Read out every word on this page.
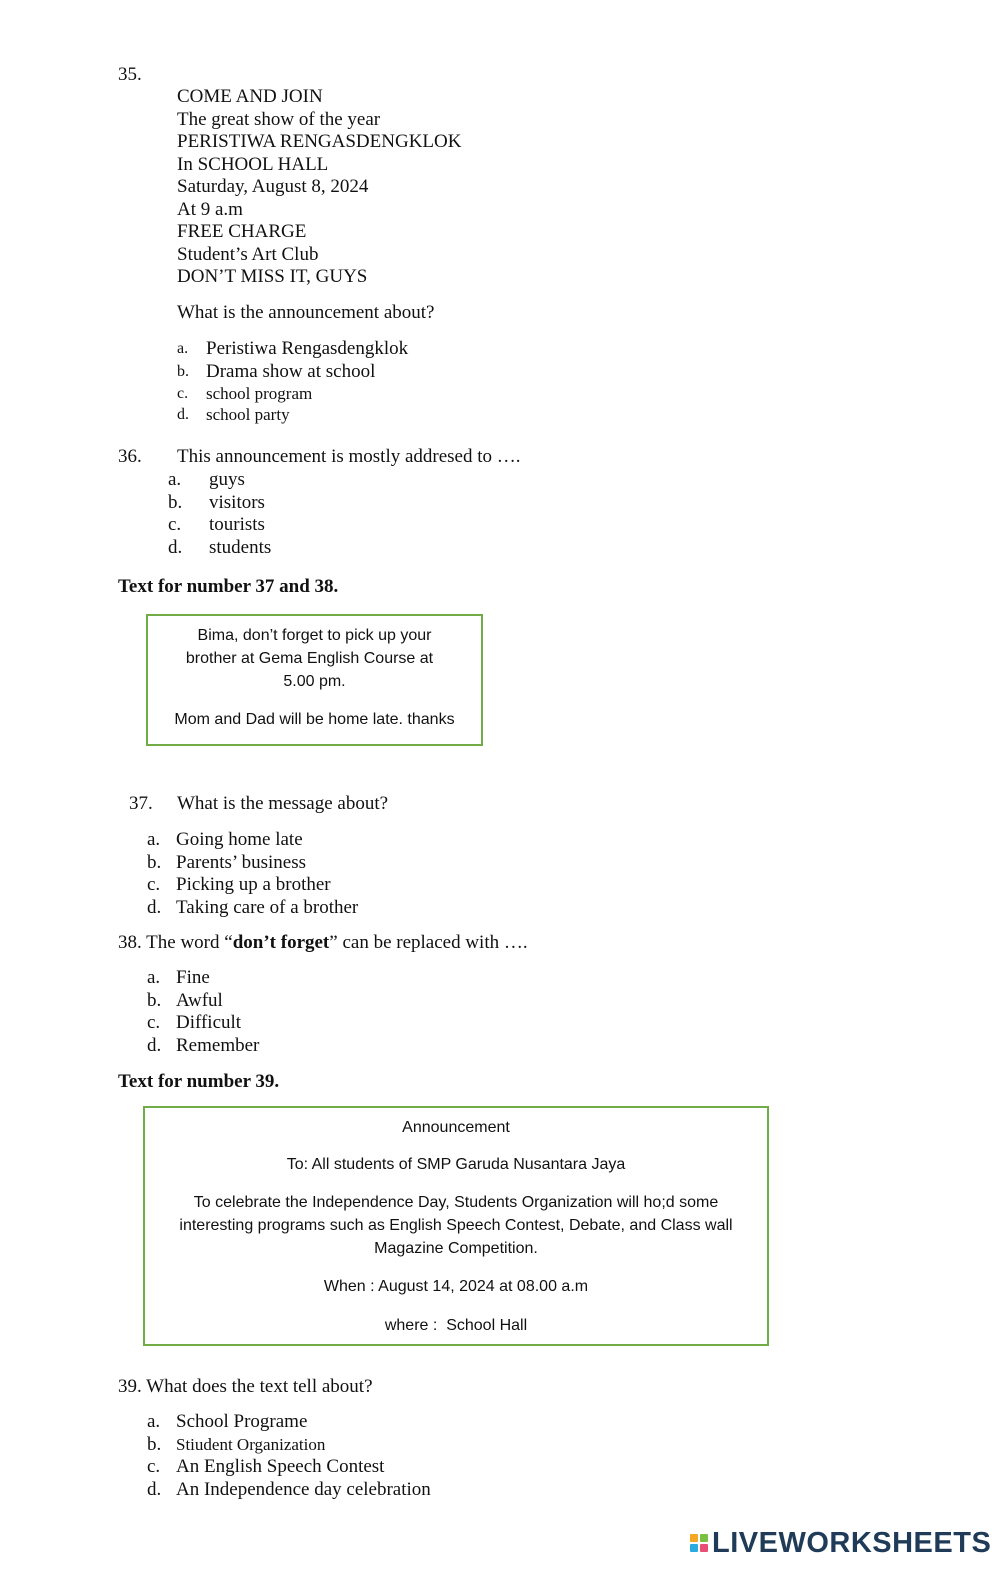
35.
COME AND JOIN
The great show of the year
PERISTIWA RENGASDENGKLOK
In SCHOOL HALL
Saturday, August 8, 2024
At 9 a.m
FREE CHARGE
Student’s Art Club
DON’T MISS IT, GUYS
What is the announcement about?
a. Peristiwa Rengasdengklok
b. Drama show at school
c.	school program
d.	school party
36. This announcement is mostly addresed to ….
a.	guys
b.	visitors
c.	tourists
d.	students
Text for number 37 and 38.

Bima, don’t forget to pick up your

brother at Gema English Course at

5.00 pm.

Mom and Dad will be home late. thanks

37. What is the message about?
a. Going home late
b. Parents’ business
c. Picking up a brother
d. Taking care of a brother
38. The word “don’t forget” can be replaced with ….
a. Fine
b. Awful
c. Difficult
d. Remember
Text for number 39.

Announcement

To: All students of SMP Garuda Nusantara Jaya

To celebrate the Independence Day, Students Organization will ho;d some

interesting programs such as English Speech Contest, Debate, and Class wall

Magazine Competition.

When : August 14, 2024 at 08.00 a.m

where :  School Hall

39. What does the text tell about?
a. School Programe
b. Stiudent Organization
c. An English Speech Contest
d. An Independence day celebration
LIVEWORKSHEETS
